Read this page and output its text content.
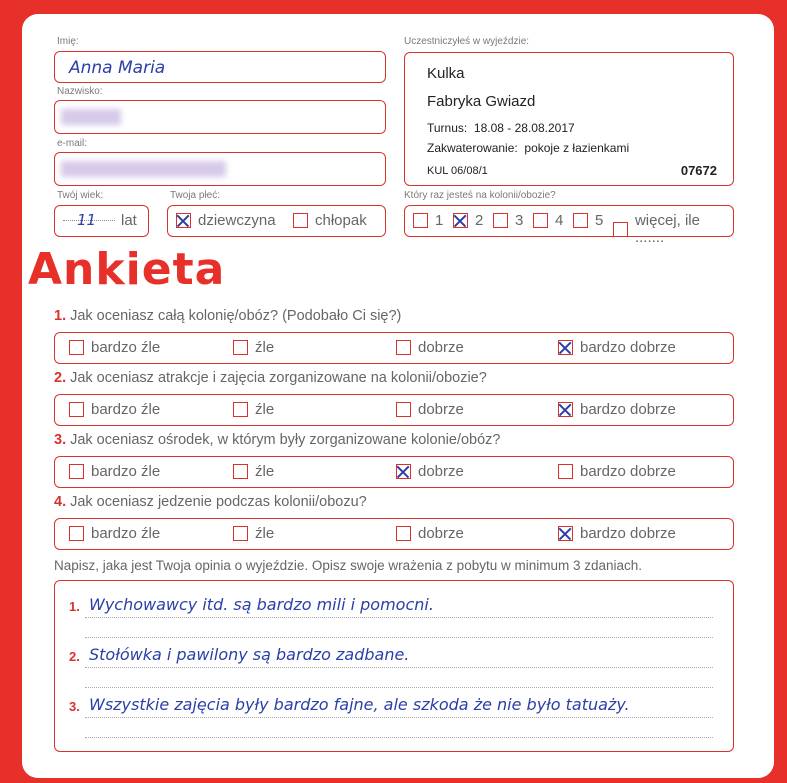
Imię:
Anna Maria
Nazwisko:
e-mail:
Twój wiek:
11 lat
Twoja płeć:
dziewczyna	chłopak
Uczestniczyłeś w wyjeździe:
Kulka
Fabryka Gwiazd
Turnus: 18.08 - 28.08.2017
Zakwaterowanie: pokoje z łazienkami
KUL 06/08/1	07672
Który raz jesteś na kolonii/obozie?
1 2 3 4 5 więcej, ile .......
Ankieta
1. Jak oceniasz całą kolonię/obóz? (Podobało Ci się?)
bardzo źle	źle	dobrze	bardzo dobrze
2. Jak oceniasz atrakcje i zajęcia zorganizowane na kolonii/obozie?
bardzo źle	źle	dobrze	bardzo dobrze
3. Jak oceniasz ośrodek, w którym były zorganizowane kolonie/obóz?
bardzo źle	źle	dobrze	bardzo dobrze
4. Jak oceniasz jedzenie podczas kolonii/obozu?
bardzo źle	źle	dobrze	bardzo dobrze
Napisz, jaka jest Twoja opinia o wyjeździe. Opisz swoje wrażenia z pobytu w minimum 3 zdaniach.
1. Wychowawcy itd. są bardzo mili i pomocni.
2. Stołówka i pawilony są bardzo zadbane.
3. Wszystkie zajęcia były bardzo fajne, ale szkoda że nie było tatuaży.
